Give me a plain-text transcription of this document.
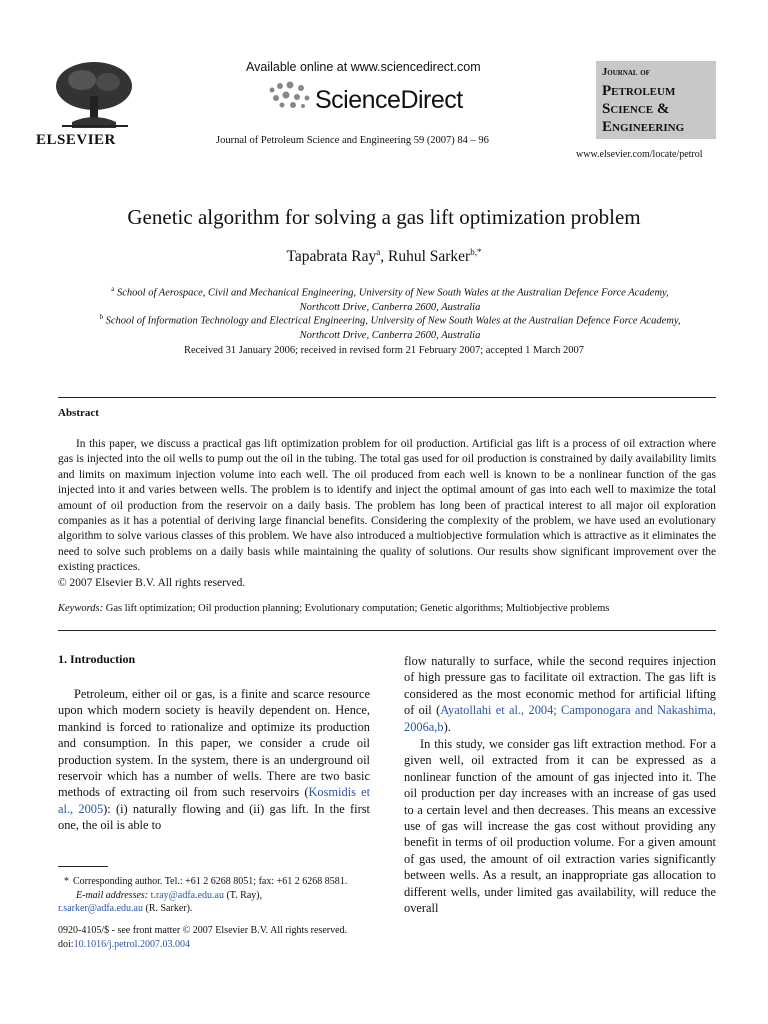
ELSEVIER
Available online at www.sciencedirect.com
ScienceDirect
Journal of Petroleum Science and Engineering 59 (2007) 84 – 96
Journal of
Petroleum
Science &
Engineering
www.elsevier.com/locate/petrol
Genetic algorithm for solving a gas lift optimization problem
Tapabrata Ray$^a$, Ruhul Sarker$^{b,*}$
$^a$ School of Aerospace, Civil and Mechanical Engineering, University of New South Wales at the Australian Defence Force Academy,
Northcott Drive, Canberra 2600, Australia
$^b$ School of Information Technology and Electrical Engineering, University of New South Wales at the Australian Defence Force Academy,
Northcott Drive, Canberra 2600, Australia
Received 31 January 2006; received in revised form 21 February 2007; accepted 1 March 2007
Abstract
In this paper, we discuss a practical gas lift optimization problem for oil production. Artificial gas lift is a process of oil extraction where gas is injected into the oil wells to pump out the oil in the tubing. The total gas used for oil production is constrained by daily availability limits and limits on maximum injection volume into each well. The oil produced from each well is known to be a nonlinear function of the gas injected into it and varies between wells. The problem is to identify and inject the optimal amount of gas into each well to maximize the total amount of oil production from the reservoir on a daily basis. The problem has long been of practical interest to all major oil exploration companies as it has a potential of deriving large financial benefits. Considering the complexity of the problem, we have used an evolutionary algorithm to solve various classes of this problem. We have also introduced a multiobjective formulation which is attractive as it eliminates the need to solve such problems on a daily basis while maintaining the quality of solutions. Our results show significant improvement over the existing practices.
© 2007 Elsevier B.V. All rights reserved.
Keywords: Gas lift optimization; Oil production planning; Evolutionary computation; Genetic algorithms; Multiobjective problems
1. Introduction

Petroleum, either oil or gas, is a finite and scarce resource upon which modern society is heavily dependent on. Hence, mankind is forced to rationalize and optimize its production and consumption. In this paper, we consider a crude oil production system. In the system, there is an underground oil reservoir which has a number of wells. There are two basic methods of extracting oil from such reservoirs (Kosmidis et al., 2005): (i) naturally flowing and (ii) gas lift. In the first one, the oil is able to

flow naturally to surface, while the second requires injection of high pressure gas to facilitate oil extraction. The gas lift is considered as the most economic method for artificial lifting of oil (Ayatollahi et al., 2004; Camponogara and Nakashima, 2006a,b).

In this study, we consider gas lift extraction method. For a given well, oil extracted from it can be expressed as a nonlinear function of the amount of gas injected into it. The oil production per day increases with an increase of gas used to a certain level and then decreases. This means an excessive use of gas will increase the gas cost without providing any benefit in terms of oil production volume. For a given amount of gas used, the amount of oil extraction varies significantly between wells. As a result, an inappropriate gas allocation to different wells, under limited gas availability, will reduce the overall

* Corresponding author. Tel.: +61 2 6268 8051; fax: +61 2 6268 8581.
E-mail addresses: t.ray@adfa.edu.au (T. Ray),
r.sarker@adfa.edu.au (R. Sarker).
0920-4105/$ - see front matter © 2007 Elsevier B.V. All rights reserved.
doi:10.1016/j.petrol.2007.03.004
